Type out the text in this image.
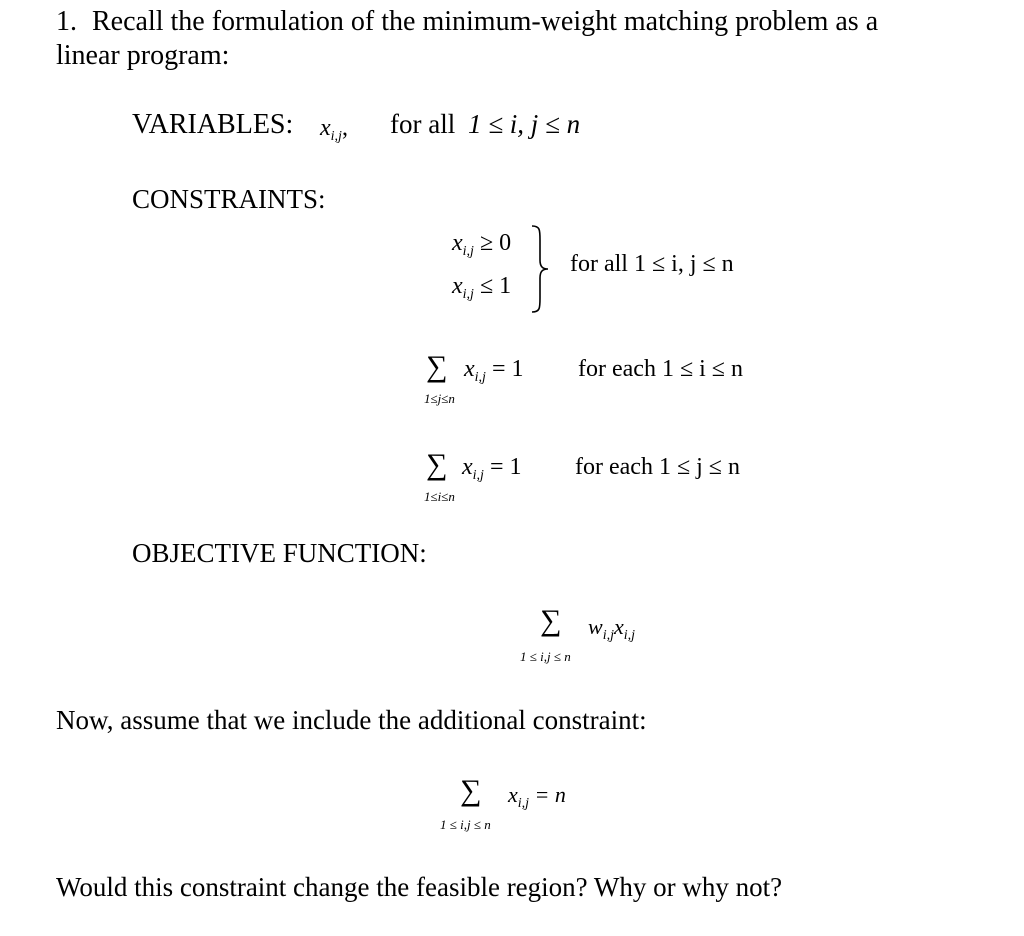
1. Recall the formulation of the minimum-weight matching problem as a
linear program:
VARIABLES: $x_{i,j}$, for all 1 ≤ i, j ≤ n
CONSTRAINTS:
$x_{i,j} \ge 0$
$x_{i,j} \le 1$
for all 1 ≤ i, j ≤ n
∑ $x_{i,j} = 1$
1≤j≤n
for each 1 ≤ i ≤ n
∑ $x_{i,j} = 1$
1≤i≤n
for each 1 ≤ j ≤ n
OBJECTIVE FUNCTION:
∑ $w_{i,j}x_{i,j}$
1 ≤ i,j ≤ n
Now, assume that we include the additional constraint:
∑ $x_{i,j} = n$
1 ≤ i,j ≤ n
Would this constraint change the feasible region? Why or why not?
